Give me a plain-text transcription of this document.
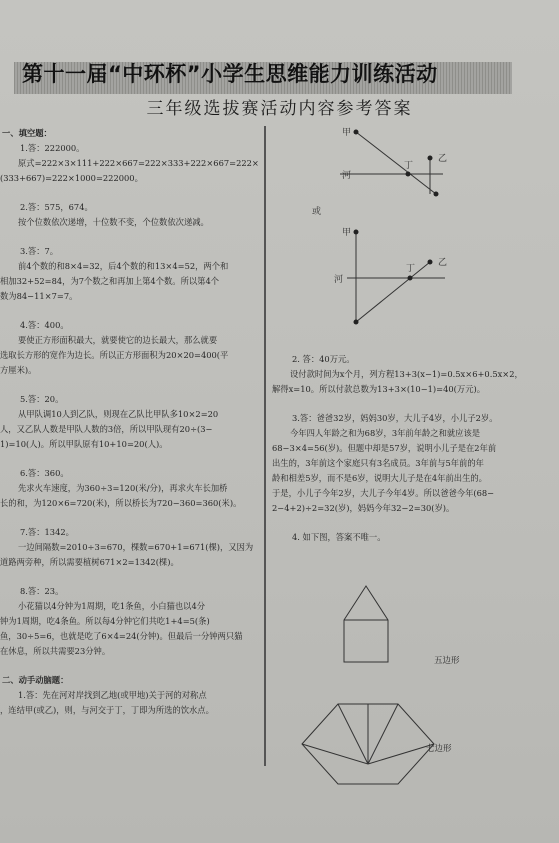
第十一届“中环杯”小学生思维能力训练活动
三年级选拔赛活动内容参考答案

一、填空题：

1.答：222000。

原式=222×3×111+222×667=222×333+222×667=222×

(333+667)=222×1000=222000。

2.答：575，674。

按个位数依次递增，十位数不变，个位数依次递减。

3.答：7。

前4个数的和8×4=32，后4个数的和13×4=52，两个和

相加32+52=84，为7个数之和再加上第4个数。所以第4个

数为84−11×7=7。

4.答：400。

要使正方形面积最大，就要使它的边长最大，那么就要

选取长方形的宽作为边长。所以正方形面积为20×20=400(平

方厘米)。

5.答：20。

从甲队调10人到乙队，则现在乙队比甲队多10×2=20

人，又乙队人数是甲队人数的3倍，所以甲队现有20÷(3−

1)=10(人)。所以甲队原有10+10=20(人)。

6.答：360。

先求火车速度，为360÷3=120(米/分)，再求火车长加桥

长的和，为120×6=720(米)，所以桥长为720−360=360(米)。

7.答：1342。

一边间隔数=2010÷3=670，棵数=670+1=671(棵)，又因为

道路两旁种，所以需要植树671×2=1342(棵)。

8.答：23。

小花猫以4分钟为1周期，吃1条鱼，小白猫也以4分

钟为1周期，吃4条鱼。所以每4分钟它们共吃1+4=5(条)

鱼，30÷5=6，也就是吃了6×4=24(分钟)。但最后一分钟两只猫

在休息，所以共需要23分钟。

二、动手动脑题：

1.答：先在河对岸找到乙地(或甲地)关于河的对称点

，连结甲(或乙)，则，与河交于丁，丁即为所选的饮水点。

甲
乙
河
丁
或
甲
乙
河
丁

2. 答：40万元。

设付款时间为x个月，列方程13+3(x−1)=0.5x×6+0.5x×2，

解得x=10。所以付款总数为13+3×(10−1)=40(万元)。

3.答：爸爸32岁，妈妈30岁，大儿子4岁，小儿子2岁。

今年四人年龄之和为68岁，3年前年龄之和就应该是

68−3×4=56(岁)。但题中却是57岁，说明小儿子是在2年前

出生的，3年前这个家庭只有3名成员。3年前与5年前的年

龄和相差5岁，而不是6岁，说明大儿子是在4年前出生的。

于是，小儿子今年2岁，大儿子今年4岁。所以爸爸今年(68−

2−4+2)÷2=32(岁)，妈妈今年32−2=30(岁)。

4. 如下图，答案不唯一。

五边形
七边形
